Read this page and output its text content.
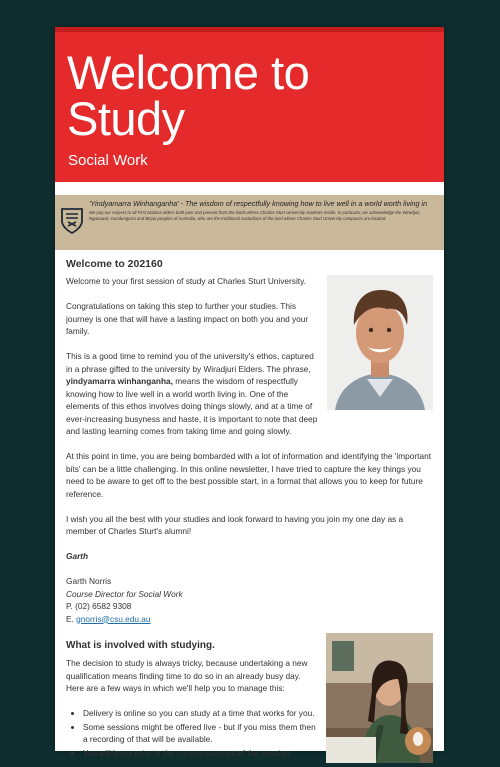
Welcome to
Study
Social Work
'Yindyamarra Winhanganha' - The wisdom of respectfully knowing how to live well in a world worth living in
We pay our respect to all First Nations elders both past and present from the lands where Charles Sturt University students reside. In particular, we acknowledge the Wiradjuri, Ngunawal, Gundungurra and Birpai peoples of Australia, who are the traditional custodians of the land where Charles Sturt University campuses are located.
Welcome to 202160

Welcome to your first session of study at Charles Sturt University.

Congratulations on taking this step to further your studies. This journey is one that will have a lasting impact on both you and your family.

This is a good time to remind you of the university's ethos, captured in a phrase gifted to the university by Wiradjuri Elders. The phrase, yindyamarra winhanganha, means the wisdom of respectfully knowing how to live well in a world worth living in. One of the elements of this ethos involves doing things slowly, and at a time of ever-increasing busyness and haste, it is important to note that deep and lasting learning comes from taking time and going slowly.

At this point in time, you are being bombarded with a lot of information and identifying the 'important bits' can be a little challenging. In this online newsletter, I have tried to capture the key things you need to be aware to get off to the best possible start, in a format that allows you to keep for future reference.

I wish you all the best with your studies and look forward to having you join my one day as a member of Charles Sturt's alumni!

Garth

Garth Norris
Course Director for Social Work
P. (02) 6582 9308
E. gnorris@csu.edu.au

What is involved with studying.

The decision to study is always tricky, because undertaking a new qualification means finding time to do so in an already busy day. Here are a few ways in which we'll help you to manage this:

• Delivery is online so you can study at a time that works for you.
• Some sessions might be offered live - but if you miss them then a recording of that will be available.
• You will know prior to the commencement of the session
